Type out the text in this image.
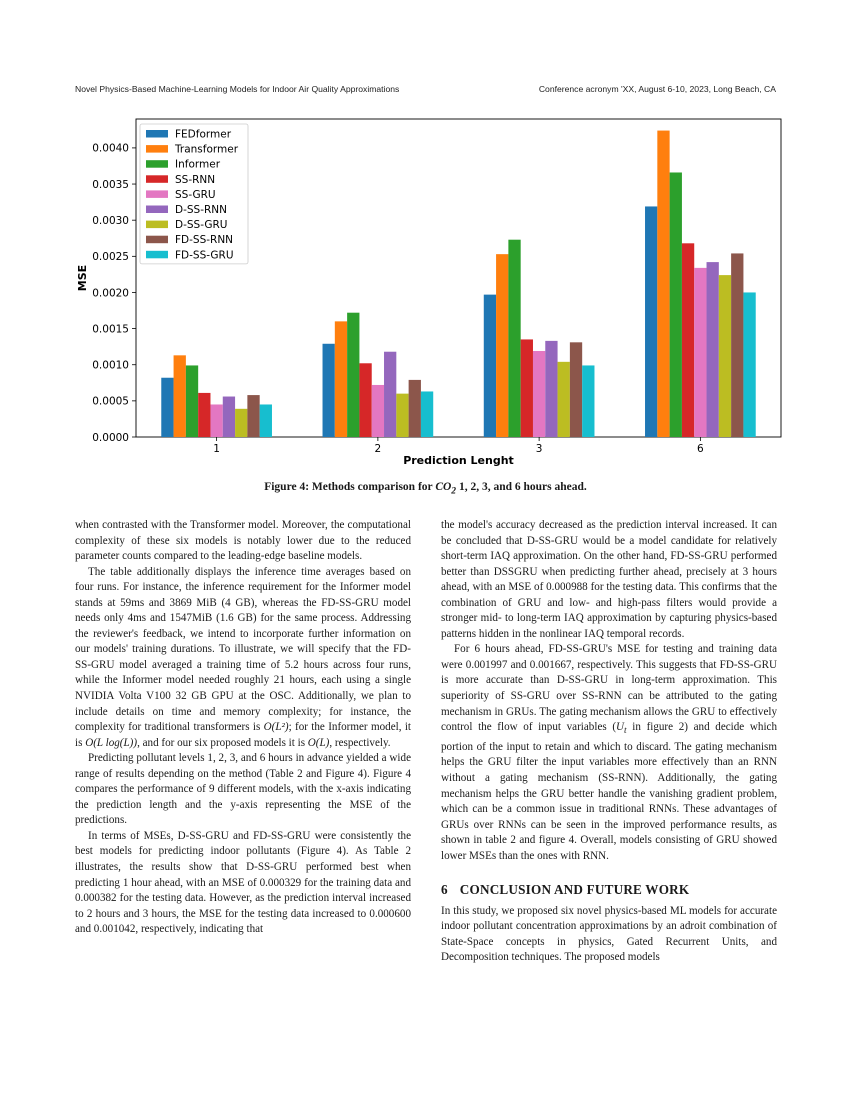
Novel Physics-Based Machine-Learning Models for Indoor Air Quality Approximations	Conference acronym 'XX, August 6-10, 2023, Long Beach, CA
0.0000
0.0005
0.0010
0.0015
0.0020
0.0025
0.0030
0.0035
0.0040
1	2	3	6
Prediction Lenght
MSE
FEDformer
Transformer
Informer
SS-RNN
SS-GRU
D-SS-RNN
D-SS-GRU
FD-SS-RNN
FD-SS-GRU
Figure 4: Methods comparison for $CO_2$ 1, 2, 3, and 6 hours ahead.

when contrasted with the Transformer model. Moreover, the computational complexity of these six models is notably lower due to the reduced parameter counts compared to the leading-edge baseline models.

The table additionally displays the inference time averages based on four runs. For instance, the inference requirement for the Informer model stands at 59ms and 3869 MiB (4 GB), whereas the FD-SS-GRU model needs only 4ms and 1547MiB (1.6 GB) for the same process. Addressing the reviewer's feedback, we intend to incorporate further information on our models' training durations. To illustrate, we will specify that the FD-SS-GRU model averaged a training time of 5.2 hours across four runs, while the Informer model needed roughly 21 hours, each using a single NVIDIA Volta V100 32 GB GPU at the OSC. Additionally, we plan to include details on time and memory complexity; for instance, the complexity for traditional transformers is O(L²); for the Informer model, it is O(L log(L)), and for our six proposed models it is O(L), respectively.

Predicting pollutant levels 1, 2, 3, and 6 hours in advance yielded a wide range of results depending on the method (Table 2 and Figure 4). Figure 4 compares the performance of 9 different models, with the x-axis indicating the prediction length and the y-axis representing the MSE of the predictions.

In terms of MSEs, D-SS-GRU and FD-SS-GRU were consistently the best models for predicting indoor pollutants (Figure 4). As Table 2 illustrates, the results show that D-SS-GRU performed best when predicting 1 hour ahead, with an MSE of 0.000329 for the training data and 0.000382 for the testing data. However, as the prediction interval increased to 2 hours and 3 hours, the MSE for the testing data increased to 0.000600 and 0.001042, respectively, indicating that

the model's accuracy decreased as the prediction interval increased. It can be concluded that D-SS-GRU would be a model candidate for relatively short-term IAQ approximation. On the other hand, FD-SS-GRU performed better than DSSGRU when predicting further ahead, precisely at 3 hours ahead, with an MSE of 0.000988 for the testing data. This confirms that the combination of GRU and low- and high-pass filters would provide a stronger mid- to long-term IAQ approximation by capturing physics-based patterns hidden in the nonlinear IAQ temporal records.

For 6 hours ahead, FD-SS-GRU's MSE for testing and training data were 0.001997 and 0.001667, respectively. This suggests that FD-SS-GRU is more accurate than D-SS-GRU in long-term approximation. This superiority of SS-GRU over SS-RNN can be attributed to the gating mechanism in GRUs. The gating mechanism allows the GRU to effectively control the flow of input variables ($U_t$ in figure 2) and decide which portion of the input to retain and which to discard. The gating mechanism helps the GRU filter the input variables more effectively than an RNN without a gating mechanism (SS-RNN). Additionally, the gating mechanism helps the GRU better handle the vanishing gradient problem, which can be a common issue in traditional RNNs. These advantages of GRUs over RNNs can be seen in the improved performance results, as shown in table 2 and figure 4. Overall, models consisting of GRU showed lower MSEs than the ones with RNN.

6 CONCLUSION AND FUTURE WORK

In this study, we proposed six novel physics-based ML models for accurate indoor pollutant concentration approximations by an adroit combination of State-Space concepts in physics, Gated Recurrent Units, and Decomposition techniques. The proposed models
